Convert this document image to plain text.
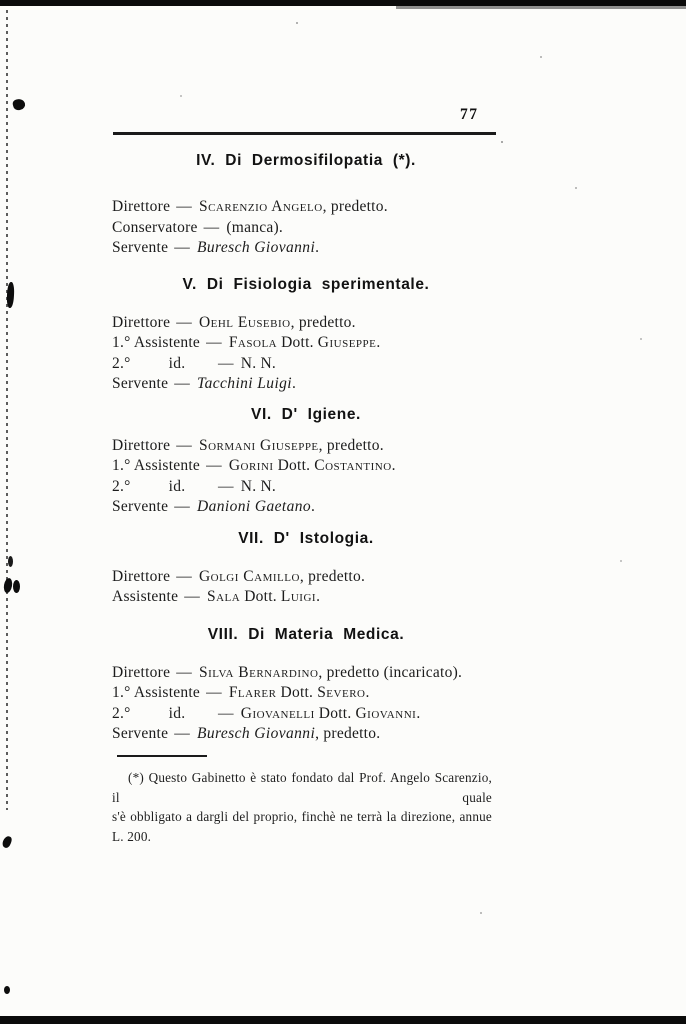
77
IV. Di Dermosifilopatia (*).
Direttore — Scarenzio Angelo, predetto.
Conservatore — (manca).
Servente — Buresch Giovanni.
V. Di Fisiologia sperimentale.
Direttore — Oehl Eusebio, predetto.
1.° Assistente — Fasola Dott. Giuseppe.
2.° id. — N. N.
Servente — Tacchini Luigi.
VI. D' Igiene.
Direttore — Sormani Giuseppe, predetto.
1.° Assistente — Gorini Dott. Costantino.
2.° id. — N. N.
Servente — Danioni Gaetano.
VII. D' Istologia.
Direttore — Golgi Camillo, predetto.
Assistente — Sala Dott. Luigi.
VIII. Di Materia Medica.
Direttore — Silva Bernardino, predetto (incaricato).
1.° Assistente — Flarer Dott. Severo.
2.° id. — Giovanelli Dott. Giovanni.
Servente — Buresch Giovanni, predetto.
(*) Questo Gabinetto è stato fondato dal Prof. Angelo Scarenzio, il quale
s'è obbligato a dargli del proprio, finchè ne terrà la direzione, annue
L. 200.
